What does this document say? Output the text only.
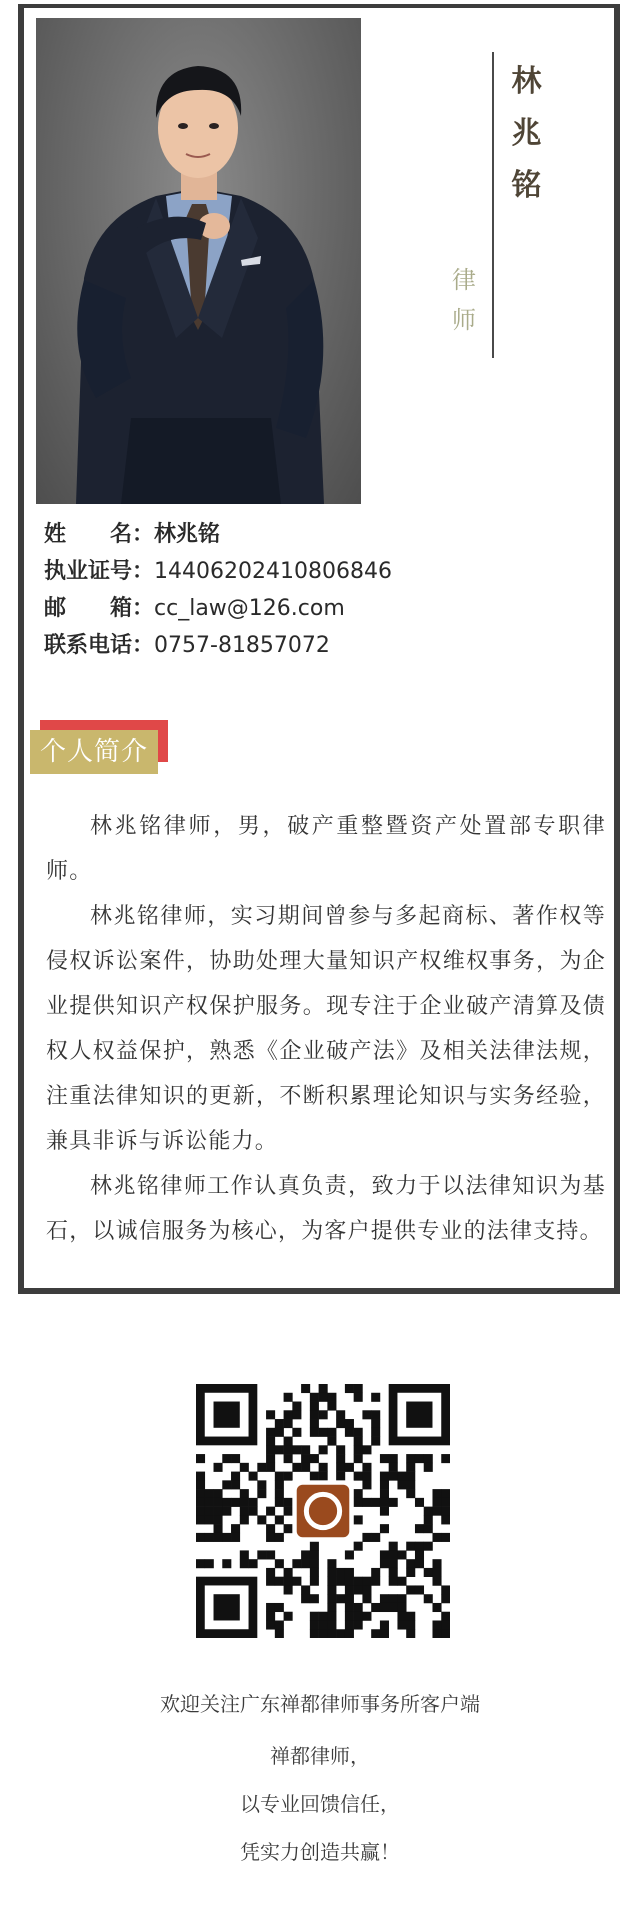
林
兆
铭
律
师
姓　　名：林兆铭
执业证号：14406202410806846
邮　　箱：cc_law@126.com
联系电话：0757-81857072
个人简介

林兆铭律师，男，破产重整暨资产处置部专职律师。

林兆铭律师，实习期间曾参与多起商标、著作权等侵权诉讼案件，协助处理大量知识产权维权事务，为企业提供知识产权保护服务。现专注于企业破产清算及债权人权益保护，熟悉《企业破产法》及相关法律法规，注重法律知识的更新，不断积累理论知识与实务经验，兼具非诉与诉讼能力。

林兆铭律师工作认真负责，致力于以法律知识为基石，以诚信服务为核心，为客户提供专业的法律支持。

欢迎关注广东禅都律师事务所客户端
禅都律师，
以专业回馈信任，
凭实力创造共赢！
